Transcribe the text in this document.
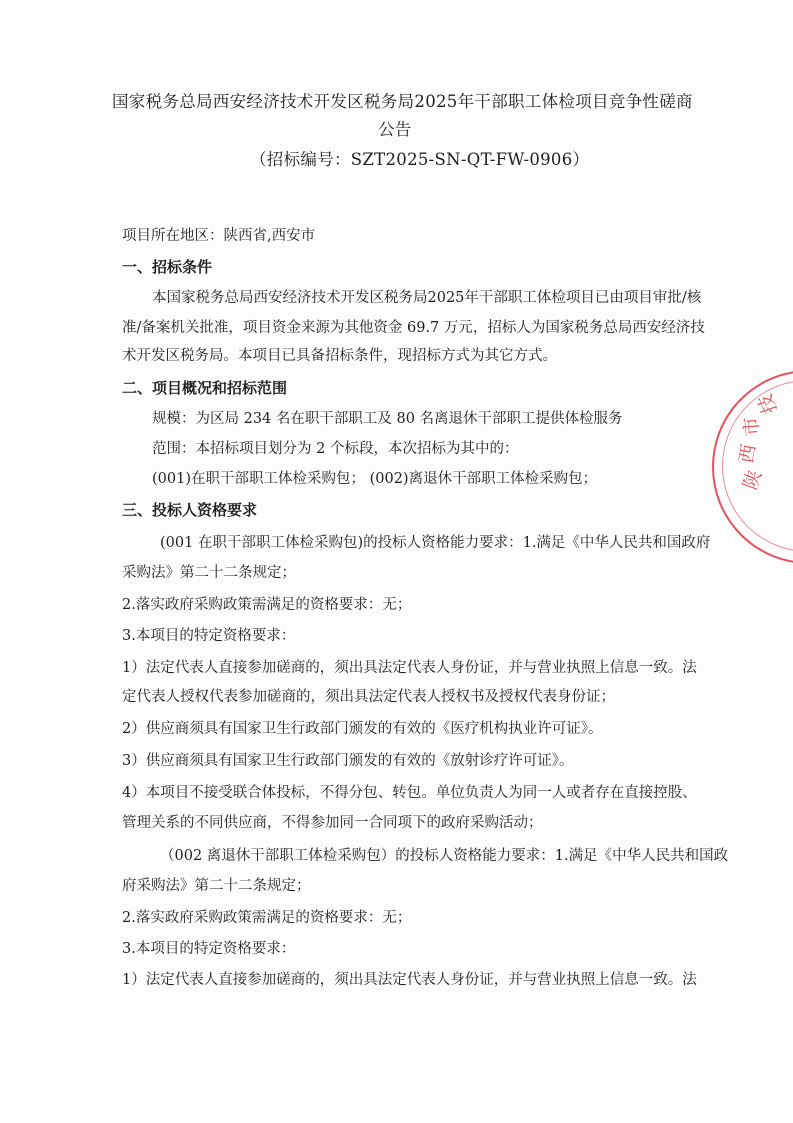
国家税务总局西安经济技术开发区税务局2025年干部职工体检项目竞争性磋商
公告
（招标编号：SZT2025-SN-QT-FW-0906）
项目所在地区：陕西省,西安市
一、招标条件
本国家税务总局西安经济技术开发区税务局2025年干部职工体检项目已由项目审批/核
准/备案机关批准，项目资金来源为其他资金 69.7 万元，招标人为国家税务总局西安经济技
术开发区税务局。本项目已具备招标条件，现招标方式为其它方式。
二、项目概况和招标范围
规模：为区局 234 名在职干部职工及 80 名离退休干部职工提供体检服务
范围：本招标项目划分为 2 个标段，本次招标为其中的：
(001)在职干部职工体检采购包； (002)离退休干部职工体检采购包；
三、投标人资格要求
(001 在职干部职工体检采购包)的投标人资格能力要求：1.满足《中华人民共和国政府
采购法》第二十二条规定；
2.落实政府采购政策需满足的资格要求：无；
3.本项目的特定资格要求：
1）法定代表人直接参加磋商的，须出具法定代表人身份证，并与营业执照上信息一致。法
定代表人授权代表参加磋商的，须出具法定代表人授权书及授权代表身份证；
2）供应商须具有国家卫生行政部门颁发的有效的《医疗机构执业许可证》。
3）供应商须具有国家卫生行政部门颁发的有效的《放射诊疗许可证》。
4）本项目不接受联合体投标，不得分包、转包。单位负责人为同一人或者存在直接控股、
管理关系的不同供应商，不得参加同一合同项下的政府采购活动；
（002 离退休干部职工体检采购包）的投标人资格能力要求：1.满足《中华人民共和国政
府采购法》第二十二条规定；
2.落实政府采购政策需满足的资格要求：无；
3.本项目的特定资格要求：
1）法定代表人直接参加磋商的，须出具法定代表人身份证，并与营业执照上信息一致。法
陕
西
市
技
